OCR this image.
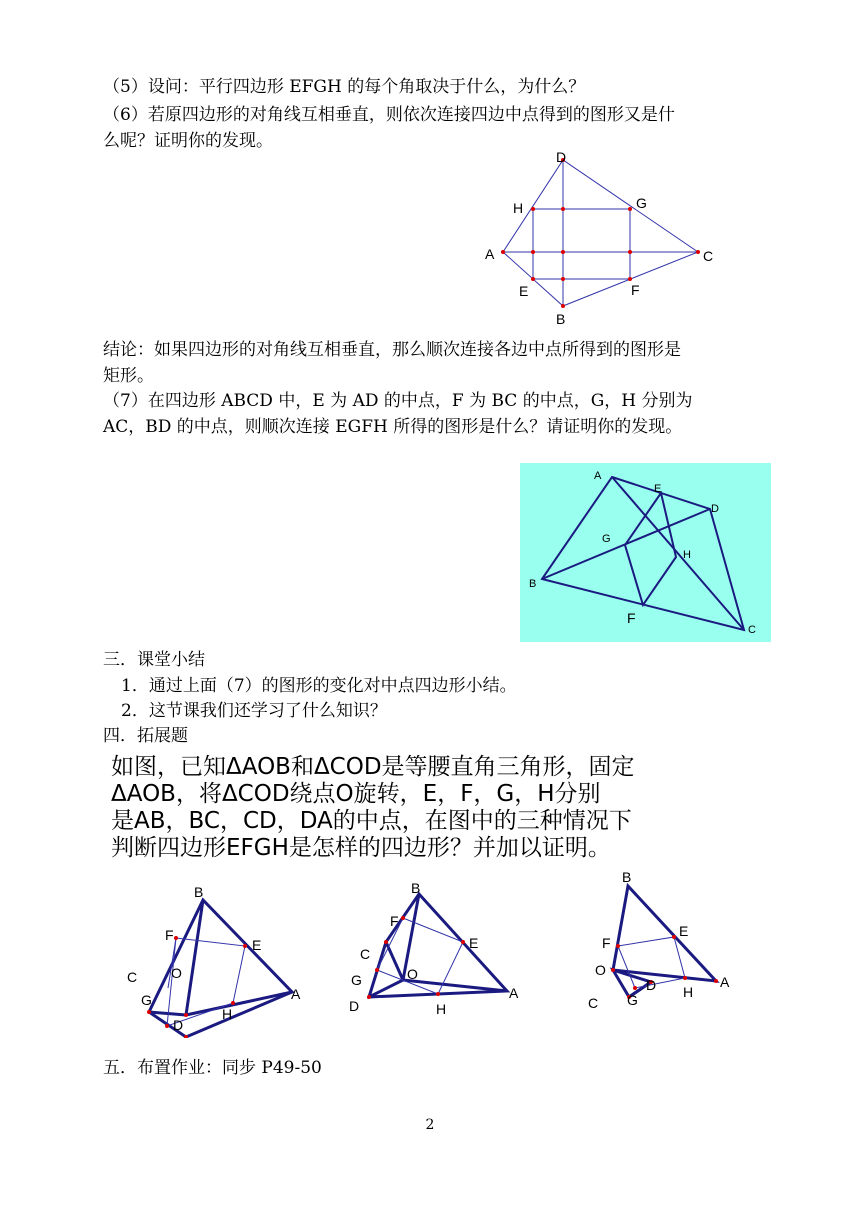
（5）设问：平行四边形 EFGH 的每个角取决于什么，为什么？
（6）若原四边形的对角线互相垂直，则依次连接四边中点得到的图形又是什
么呢？证明你的发现。
D
H	G
A	C
E	F
B
结论：如果四边形的对角线互相垂直，那么顺次连接各边中点所得到的图形是
矩形。
（7）在四边形 ABCD 中，E 为 AD 的中点，F 为 BC 的中点，G，H 分别为
AC，BD 的中点，则顺次连接 EGFH 所得的图形是什么？请证明你的发现。
A
E
D
G
H
B
F
C
三．课堂小结
1．通过上面（7）的图形的变化对中点四边形小结。
2．这节课我们还学习了什么知识？
四．拓展题
如图，已知ΔAOB和ΔCOD是等腰直角三角形，固定
ΔAOB，将ΔCOD绕点O旋转，E，F，G，H分别
是AB，BC，CD，DA的中点，在图中的三种情况下
判断四边形EFGH是怎样的四边形？并加以证明。
B
F
E
C O
A
G
H
D
B
F
E
C
O
G
A
D	H
B
E
F
O
D	A
H
G
C
五．布置作业：同步 P49-50
2
